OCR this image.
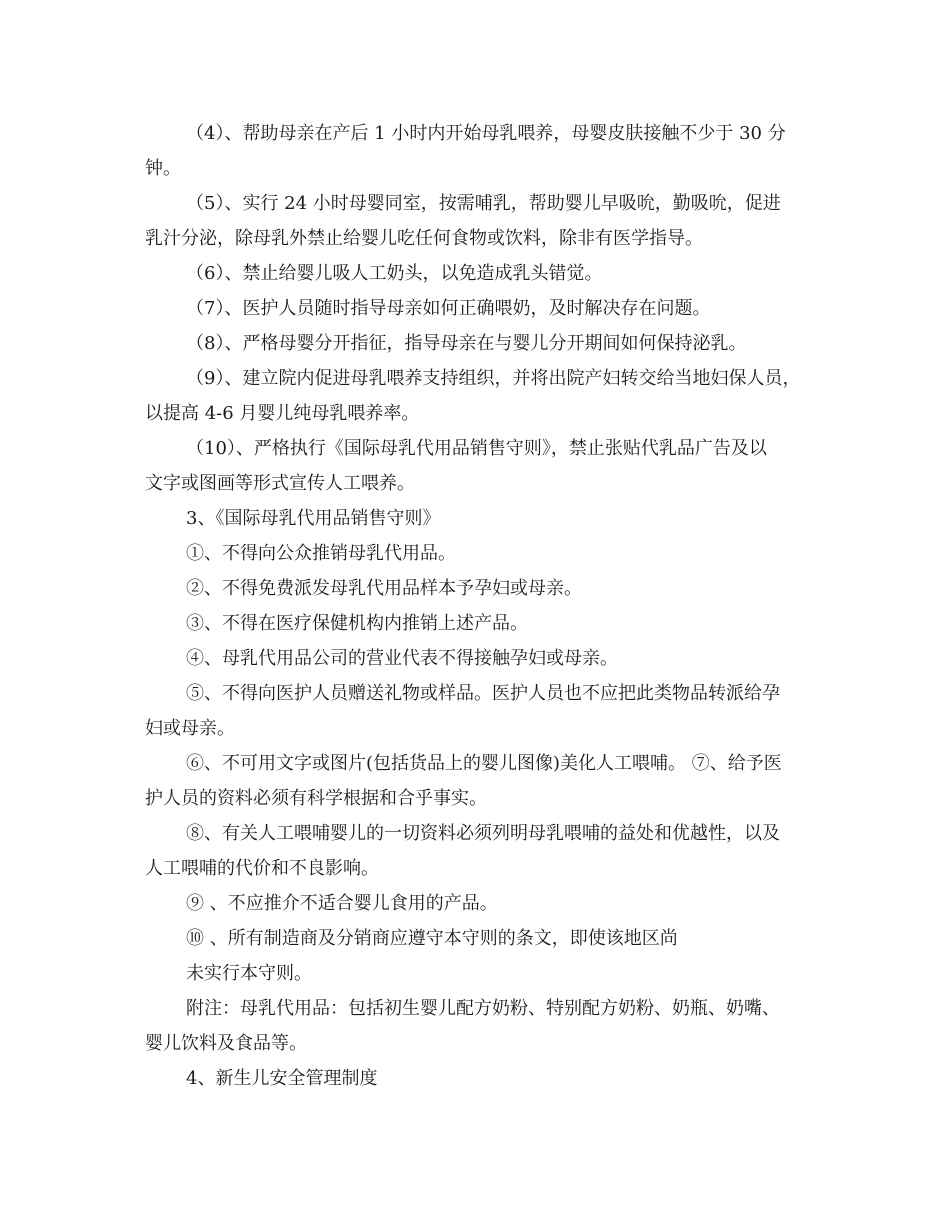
（4）、帮助母亲在产后 1 小时内开始母乳喂养，母婴皮肤接触不少于 30 分
钟。
（5）、实行 24 小时母婴同室，按需哺乳，帮助婴儿早吸吮，勤吸吮，促进
乳汁分泌，除母乳外禁止给婴儿吃任何食物或饮料，除非有医学指导。
（6）、禁止给婴儿吸人工奶头，以免造成乳头错觉。
（7）、医护人员随时指导母亲如何正确喂奶，及时解决存在问题。
（8）、严格母婴分开指征，指导母亲在与婴儿分开期间如何保持泌乳。
（9）、建立院内促进母乳喂养支持组织，并将出院产妇转交给当地妇保人员，
以提高 4-6 月婴儿纯母乳喂养率。
（10）、严格执行《国际母乳代用品销售守则》，禁止张贴代乳品广告及以
文字或图画等形式宣传人工喂养。
3、《国际母乳代用品销售守则》
①、不得向公众推销母乳代用品。
②、不得免费派发母乳代用品样本予孕妇或母亲。
③、不得在医疗保健机构内推销上述产品。
④、母乳代用品公司的营业代表不得接触孕妇或母亲。
⑤、不得向医护人员赠送礼物或样品。医护人员也不应把此类物品转派给孕
妇或母亲。
⑥、不可用文字或图片(包括货品上的婴儿图像)美化人工喂哺。 ⑦、给予医
护人员的资料必须有科学根据和合乎事实。
⑧、有关人工喂哺婴儿的一切资料必须列明母乳喂哺的益处和优越性，以及
人工喂哺的代价和不良影响。
⑨ 、不应推介不适合婴儿食用的产品。
⑩ 、所有制造商及分销商应遵守本守则的条文，即使该地区尚
未实行本守则。
附注：母乳代用品：包括初生婴儿配方奶粉、特别配方奶粉、奶瓶、奶嘴、
婴儿饮料及食品等。
4、新生儿安全管理制度
